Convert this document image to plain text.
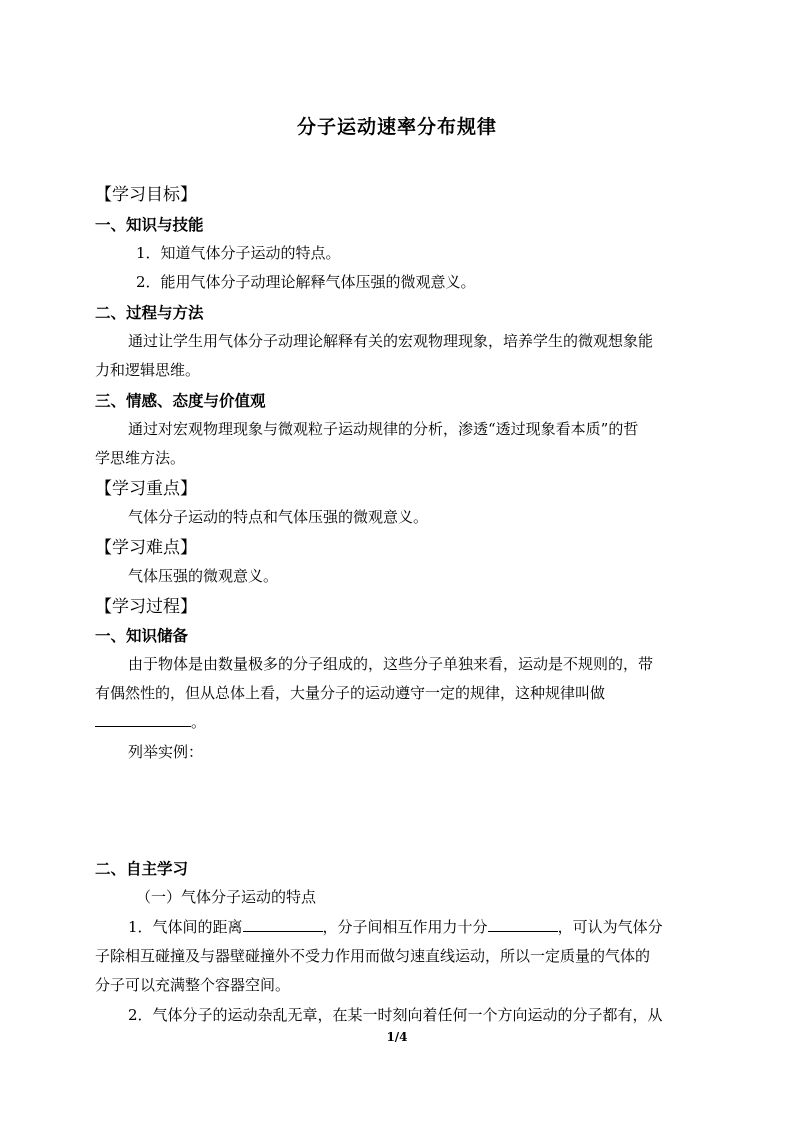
分子运动速率分布规律
【学习目标】
一、知识与技能
1．知道气体分子运动的特点。
2．能用气体分子动理论解释气体压强的微观意义。
二、过程与方法
通过让学生用气体分子动理论解释有关的宏观物理现象，培养学生的微观想象能
力和逻辑思维。
三、情感、态度与价值观
通过对宏观物理现象与微观粒子运动规律的分析，渗透“透过现象看本质”的哲
学思维方法。
【学习重点】
气体分子运动的特点和气体压强的微观意义。
【学习难点】
气体压强的微观意义。
【学习过程】
一、知识储备
由于物体是由数量极多的分子组成的，这些分子单独来看，运动是不规则的，带
有偶然性的，但从总体上看，大量分子的运动遵守一定的规律，这种规律叫做
。
列举实例：
二、自主学习
（一）气体分子运动的特点
1．气体间的距离	，分子间相互作用力十分	，可认为气体分
子除相互碰撞及与器壁碰撞外不受力作用而做匀速直线运动，所以一定质量的气体的
分子可以充满整个容器空间。
2．气体分子的运动杂乱无章，在某一时刻向着任何一个方向运动的分子都有，从
1/4
